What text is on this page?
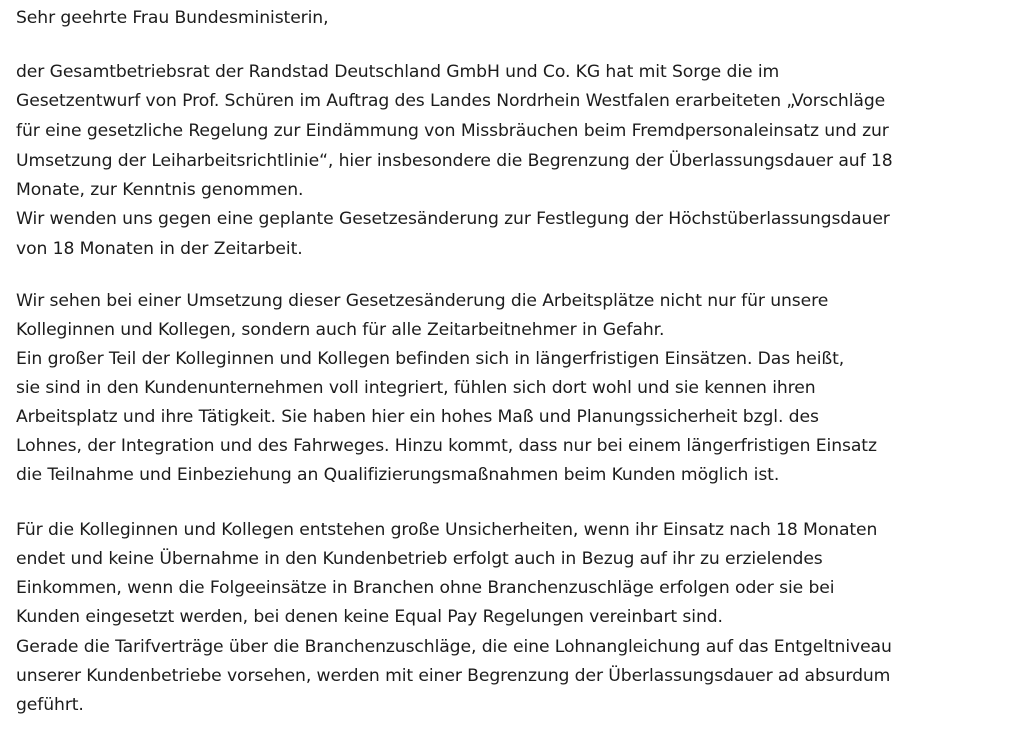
Sehr geehrte Frau Bundesministerin,
der Gesamtbetriebsrat der Randstad Deutschland GmbH und Co. KG hat mit Sorge die im
Gesetzentwurf von Prof. Schüren im Auftrag des Landes Nordrhein Westfalen erarbeiteten „Vorschläge
für eine gesetzliche Regelung zur Eindämmung von Missbräuchen beim Fremdpersonaleinsatz und zur
Umsetzung der Leiharbeitsrichtlinie“, hier insbesondere die Begrenzung der Überlassungsdauer auf 18
Monate, zur Kenntnis genommen.
Wir wenden uns gegen eine geplante Gesetzesänderung zur Festlegung der Höchstüberlassungsdauer
von 18 Monaten in der Zeitarbeit.
Wir sehen bei einer Umsetzung dieser Gesetzesänderung die Arbeitsplätze nicht nur für unsere
Kolleginnen und Kollegen, sondern auch für alle Zeitarbeitnehmer in Gefahr.
Ein großer Teil der Kolleginnen und Kollegen befinden sich in längerfristigen Einsätzen. Das heißt,
sie sind in den Kundenunternehmen voll integriert, fühlen sich dort wohl und sie kennen ihren
Arbeitsplatz und ihre Tätigkeit. Sie haben hier ein hohes Maß und Planungssicherheit bzgl. des
Lohnes, der Integration und des Fahrweges. Hinzu kommt, dass nur bei einem längerfristigen Einsatz
die Teilnahme und Einbeziehung an Qualifizierungsmaßnahmen beim Kunden möglich ist.
Für die Kolleginnen und Kollegen entstehen große Unsicherheiten, wenn ihr Einsatz nach 18 Monaten
endet und keine Übernahme in den Kundenbetrieb erfolgt auch in Bezug auf ihr zu erzielendes
Einkommen, wenn die Folgeeinsätze in Branchen ohne Branchenzuschläge erfolgen oder sie bei
Kunden eingesetzt werden, bei denen keine Equal Pay Regelungen vereinbart sind.
Gerade die Tarifverträge über die Branchenzuschläge, die eine Lohnangleichung auf das Entgeltniveau
unserer Kundenbetriebe vorsehen, werden mit einer Begrenzung der Überlassungsdauer ad absurdum
geführt.
